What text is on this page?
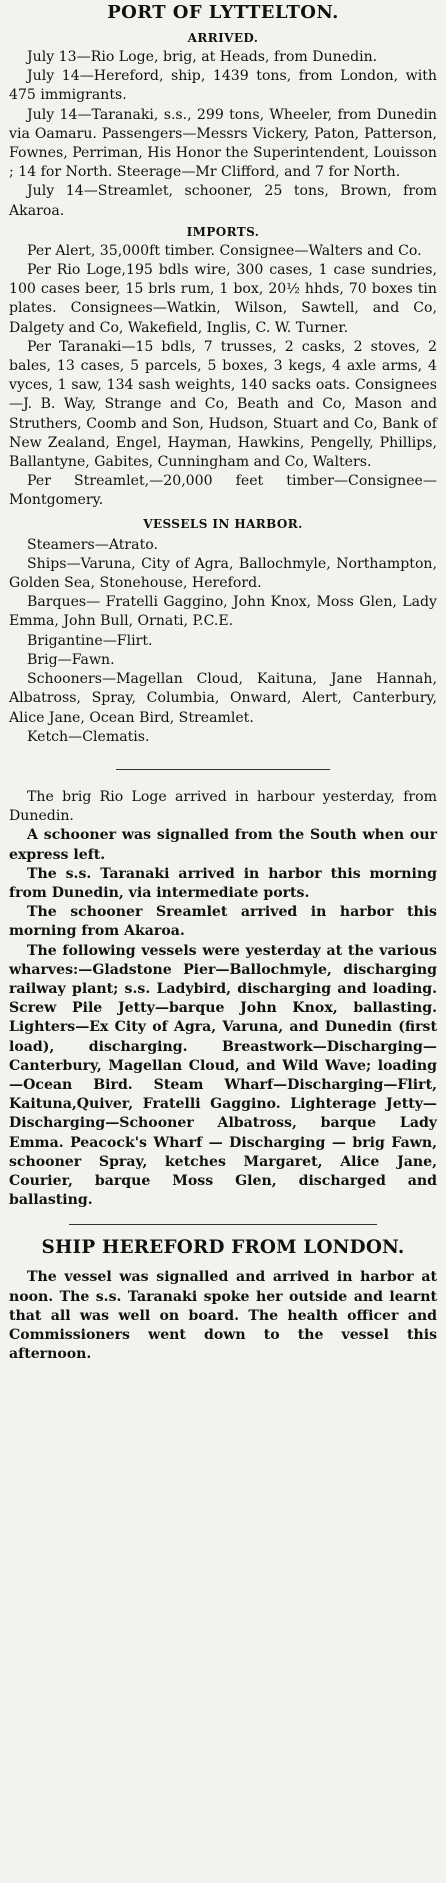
PORT OF LYTTELTON.
ARRIVED.

July 13—Rio Loge, brig, at Heads, from Dunedin.

July 14—Hereford, ship, 1439 tons, from London, with 475 immigrants.

July 14—Taranaki, s.s., 299 tons, Wheeler, from Dunedin via Oamaru. Passengers—Messrs Vickery, Paton, Patterson, Fownes, Perriman, His Honor the Superintendent, Louisson ; 14 for North. Steerage—Mr Clifford, and 7 for North.

July 14—Streamlet, schooner, 25 tons, Brown, from Akaroa.

IMPORTS.

Per Alert, 35,000ft timber. Consignee—Walters and Co.

Per Rio Loge,195 bdls wire, 300 cases, 1 case sundries, 100 cases beer, 15 brls rum, 1 box, 20½ hhds, 70 boxes tin plates. Consignees—Watkin, Wilson, Sawtell, and Co, Dalgety and Co, Wakefield, Inglis, C. W. Turner.

Per Taranaki—15 bdls, 7 trusses, 2 casks, 2 stoves, 2 bales, 13 cases, 5 parcels, 5 boxes, 3 kegs, 4 axle arms, 4 vyces, 1 saw, 134 sash weights, 140 sacks oats. Consignees—J. B. Way, Strange and Co, Beath and Co, Mason and Struthers, Coomb and Son, Hudson, Stuart and Co, Bank of New Zealand, Engel, Hayman, Hawkins, Pengelly, Phillips, Ballantyne, Gabites, Cunningham and Co, Walters.

Per Streamlet,—20,000 feet timber—Consignee—Montgomery.

VESSELS IN HARBOR.

Steamers—Atrato.

Ships—Varuna, City of Agra, Ballochmyle, Northampton, Golden Sea, Stonehouse, Hereford.

Barques— Fratelli Gaggino, John Knox, Moss Glen, Lady Emma, John Bull, Ornati, P.C.E.

Brigantine—Flirt.

Brig—Fawn.

Schooners—Magellan Cloud, Kaituna, Jane Hannah, Albatross, Spray, Columbia, Onward, Alert, Canterbury, Alice Jane, Ocean Bird, Streamlet.

Ketch—Clematis.

The brig Rio Loge arrived in harbour yesterday, from Dunedin.

A schooner was signalled from the South when our express left.

The s.s. Taranaki arrived in harbor this morning from Dunedin, via intermediate ports.

The schooner Sreamlet arrived in harbor this morning from Akaroa.

The following vessels were yesterday at the various wharves:—Gladstone Pier—Ballochmyle, discharging railway plant; s.s. Ladybird, discharging and loading. Screw Pile Jetty—barque John Knox, ballasting. Lighters—Ex City of Agra, Varuna, and Dunedin (first load), discharging. Breastwork—Discharging—Canterbury, Magellan Cloud, and Wild Wave; loading—Ocean Bird. Steam Wharf—Discharging—Flirt, Kaituna,Quiver, Fratelli Gaggino. Lighterage Jetty—Discharging—Schooner Albatross, barque Lady Emma. Peacock's Wharf — Discharging — brig Fawn, schooner Spray, ketches Margaret, Alice Jane, Courier, barque Moss Glen, discharged and ballasting.

SHIP HEREFORD FROM LONDON.

The vessel was signalled and arrived in harbor at noon. The s.s. Taranaki spoke her outside and learnt that all was well on board. The health officer and Commissioners went down to the vessel this afternoon.
